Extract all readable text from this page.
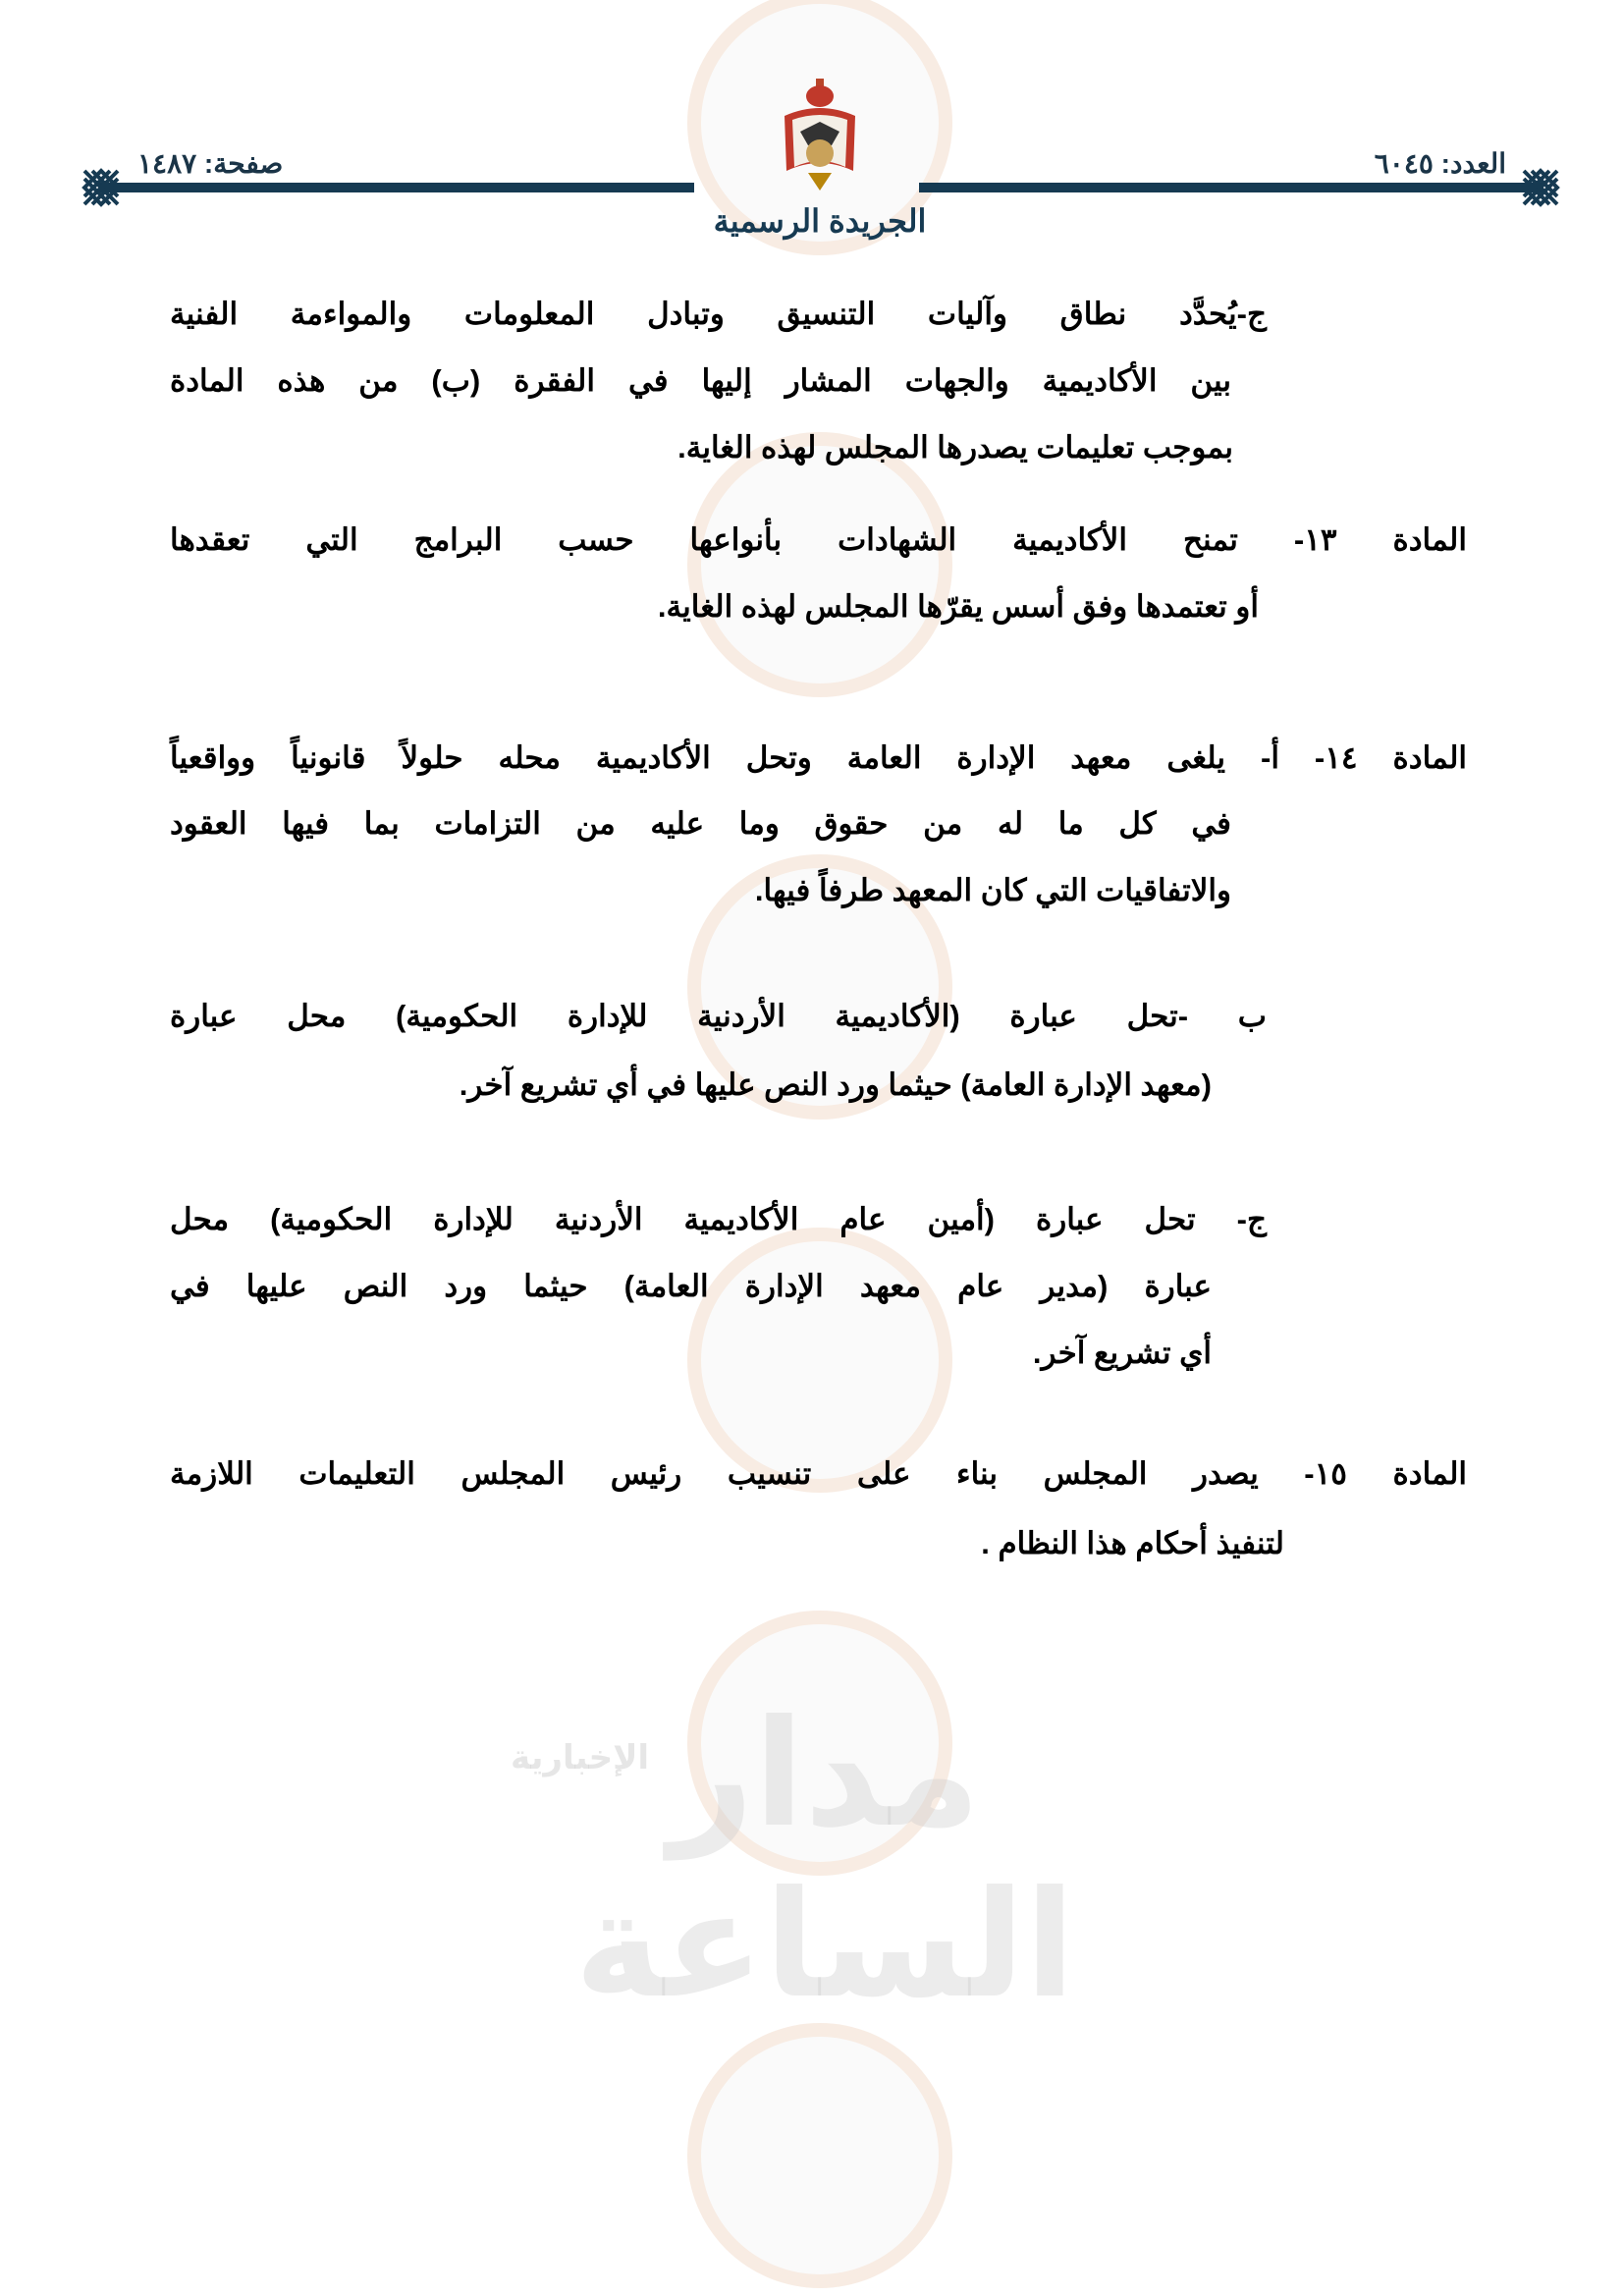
مدار الساعة
الإخبارية
العدد: ٦٠٤٥
صفحة: ١٤٨٧
الجريدة الرسمية
ج-يُحدَّد نطاق وآليات التنسيق وتبادل المعلومات والمواءمة الفنية
بين الأكاديمية والجهات المشار إليها في الفقرة (ب) من هذه المادة
بموجب تعليمات يصدرها المجلس لهذه الغاية.
المادة ١٣- تمنح الأكاديمية الشهادات بأنواعها حسب البرامج التي تعقدها
أو تعتمدها وفق أسس يقرّها المجلس لهذه الغاية.
المادة ١٤- أ- يلغى معهد الإدارة العامة وتحل الأكاديمية محله حلولاً قانونياً وواقعياً
في كل ما له من حقوق وما عليه من التزامات بما فيها العقود
والاتفاقيات التي كان المعهد طرفاً فيها.
ب -تحل عبارة (الأكاديمية الأردنية للإدارة الحكومية) محل عبارة
(معهد الإدارة العامة) حيثما ورد النص عليها في أي تشريع آخر.
ج- تحل عبارة (أمين عام الأكاديمية الأردنية للإدارة الحكومية) محل
عبارة (مدير عام معهد الإدارة العامة) حيثما ورد النص عليها في
أي تشريع آخر.
المادة ١٥- يصدر المجلس بناء على تنسيب رئيس المجلس التعليمات اللازمة
لتنفيذ أحكام هذا النظام .
